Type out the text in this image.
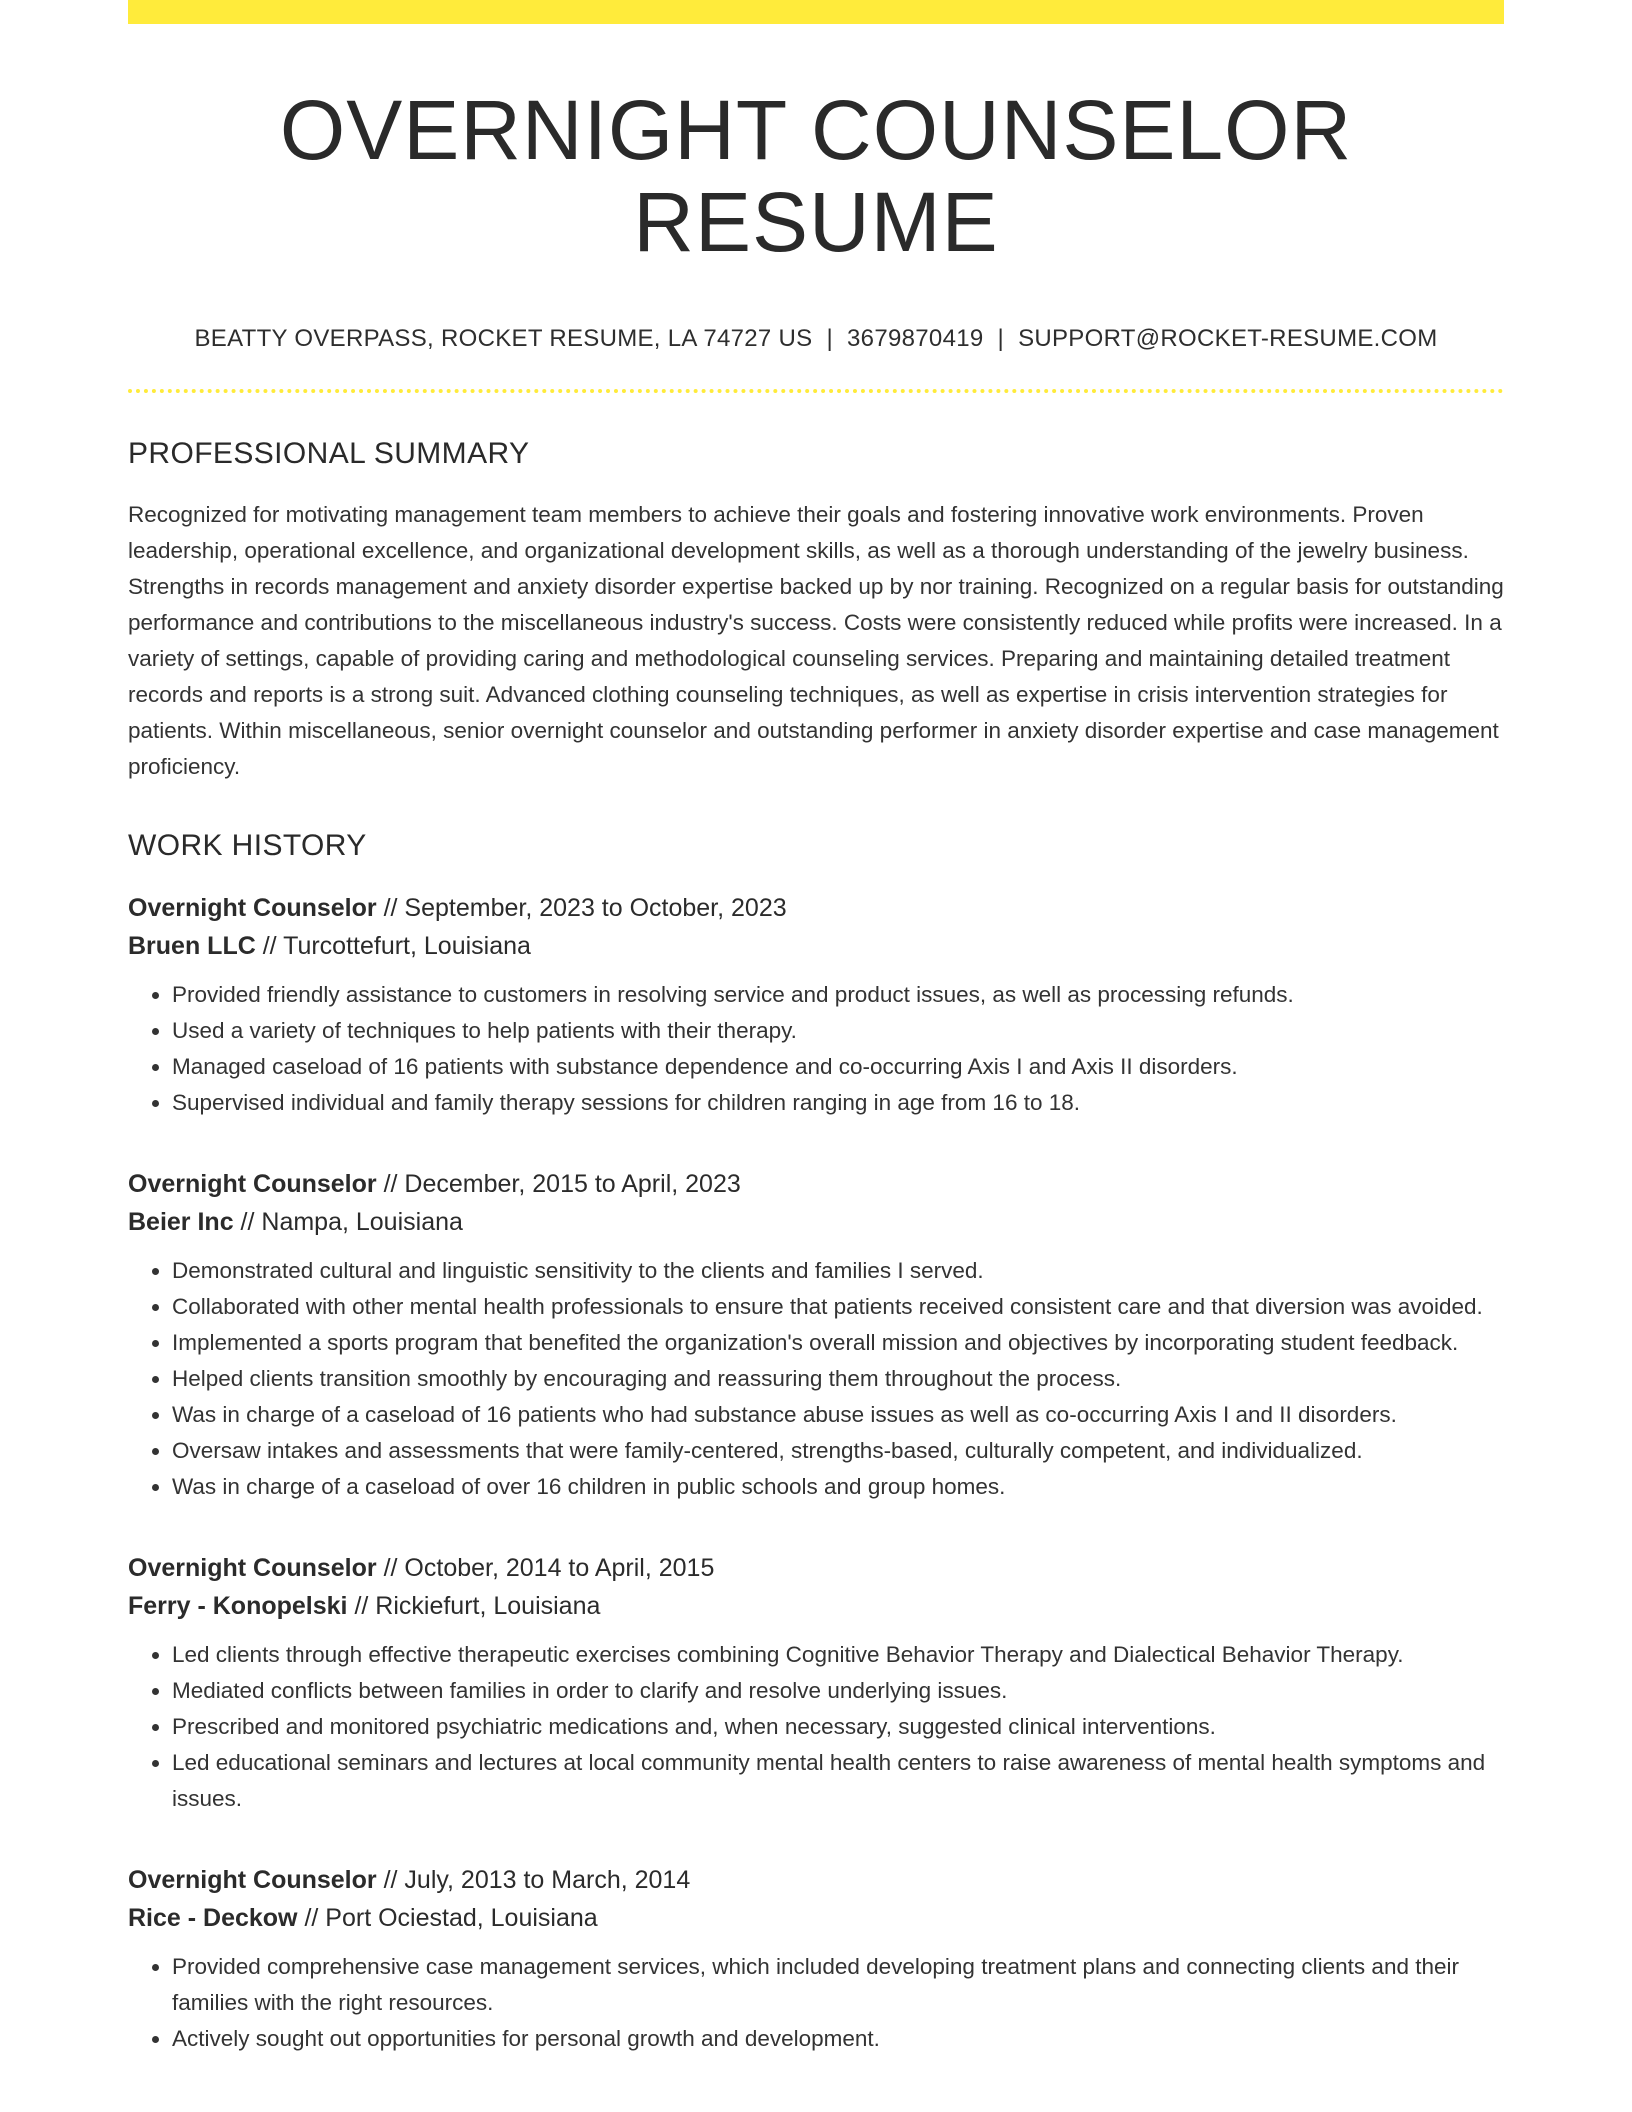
OVERNIGHT COUNSELOR RESUME
BEATTY OVERPASS, ROCKET RESUME, LA 74727 US | 3679870419 | SUPPORT@ROCKET-RESUME.COM
PROFESSIONAL SUMMARY

Recognized for motivating management team members to achieve their goals and fostering innovative work environments. Proven leadership, operational excellence, and organizational development skills, as well as a thorough understanding of the jewelry business. Strengths in records management and anxiety disorder expertise backed up by nor training. Recognized on a regular basis for outstanding performance and contributions to the miscellaneous industry's success. Costs were consistently reduced while profits were increased. In a variety of settings, capable of providing caring and methodological counseling services. Preparing and maintaining detailed treatment records and reports is a strong suit. Advanced clothing counseling techniques, as well as expertise in crisis intervention strategies for patients. Within miscellaneous, senior overnight counselor and outstanding performer in anxiety disorder expertise and case management proficiency.

WORK HISTORY
Overnight Counselor // September, 2023 to October, 2023
Bruen LLC // Turcottefurt, Louisiana
• Provided friendly assistance to customers in resolving service and product issues, as well as processing refunds.
• Used a variety of techniques to help patients with their therapy.
• Managed caseload of 16 patients with substance dependence and co-occurring Axis I and Axis II disorders.
• Supervised individual and family therapy sessions for children ranging in age from 16 to 18.
Overnight Counselor // December, 2015 to April, 2023
Beier Inc // Nampa, Louisiana
• Demonstrated cultural and linguistic sensitivity to the clients and families I served.
• Collaborated with other mental health professionals to ensure that patients received consistent care and that diversion was avoided.
• Implemented a sports program that benefited the organization's overall mission and objectives by incorporating student feedback.
• Helped clients transition smoothly by encouraging and reassuring them throughout the process.
• Was in charge of a caseload of 16 patients who had substance abuse issues as well as co-occurring Axis I and II disorders.
• Oversaw intakes and assessments that were family-centered, strengths-based, culturally competent, and individualized.
• Was in charge of a caseload of over 16 children in public schools and group homes.
Overnight Counselor // October, 2014 to April, 2015
Ferry - Konopelski // Rickiefurt, Louisiana
• Led clients through effective therapeutic exercises combining Cognitive Behavior Therapy and Dialectical Behavior Therapy.
• Mediated conflicts between families in order to clarify and resolve underlying issues.
• Prescribed and monitored psychiatric medications and, when necessary, suggested clinical interventions.
• Led educational seminars and lectures at local community mental health centers to raise awareness of mental health symptoms and issues.
Overnight Counselor // July, 2013 to March, 2014
Rice - Deckow // Port Ociestad, Louisiana
• Provided comprehensive case management services, which included developing treatment plans and connecting clients and their families with the right resources.
• Actively sought out opportunities for personal growth and development.
